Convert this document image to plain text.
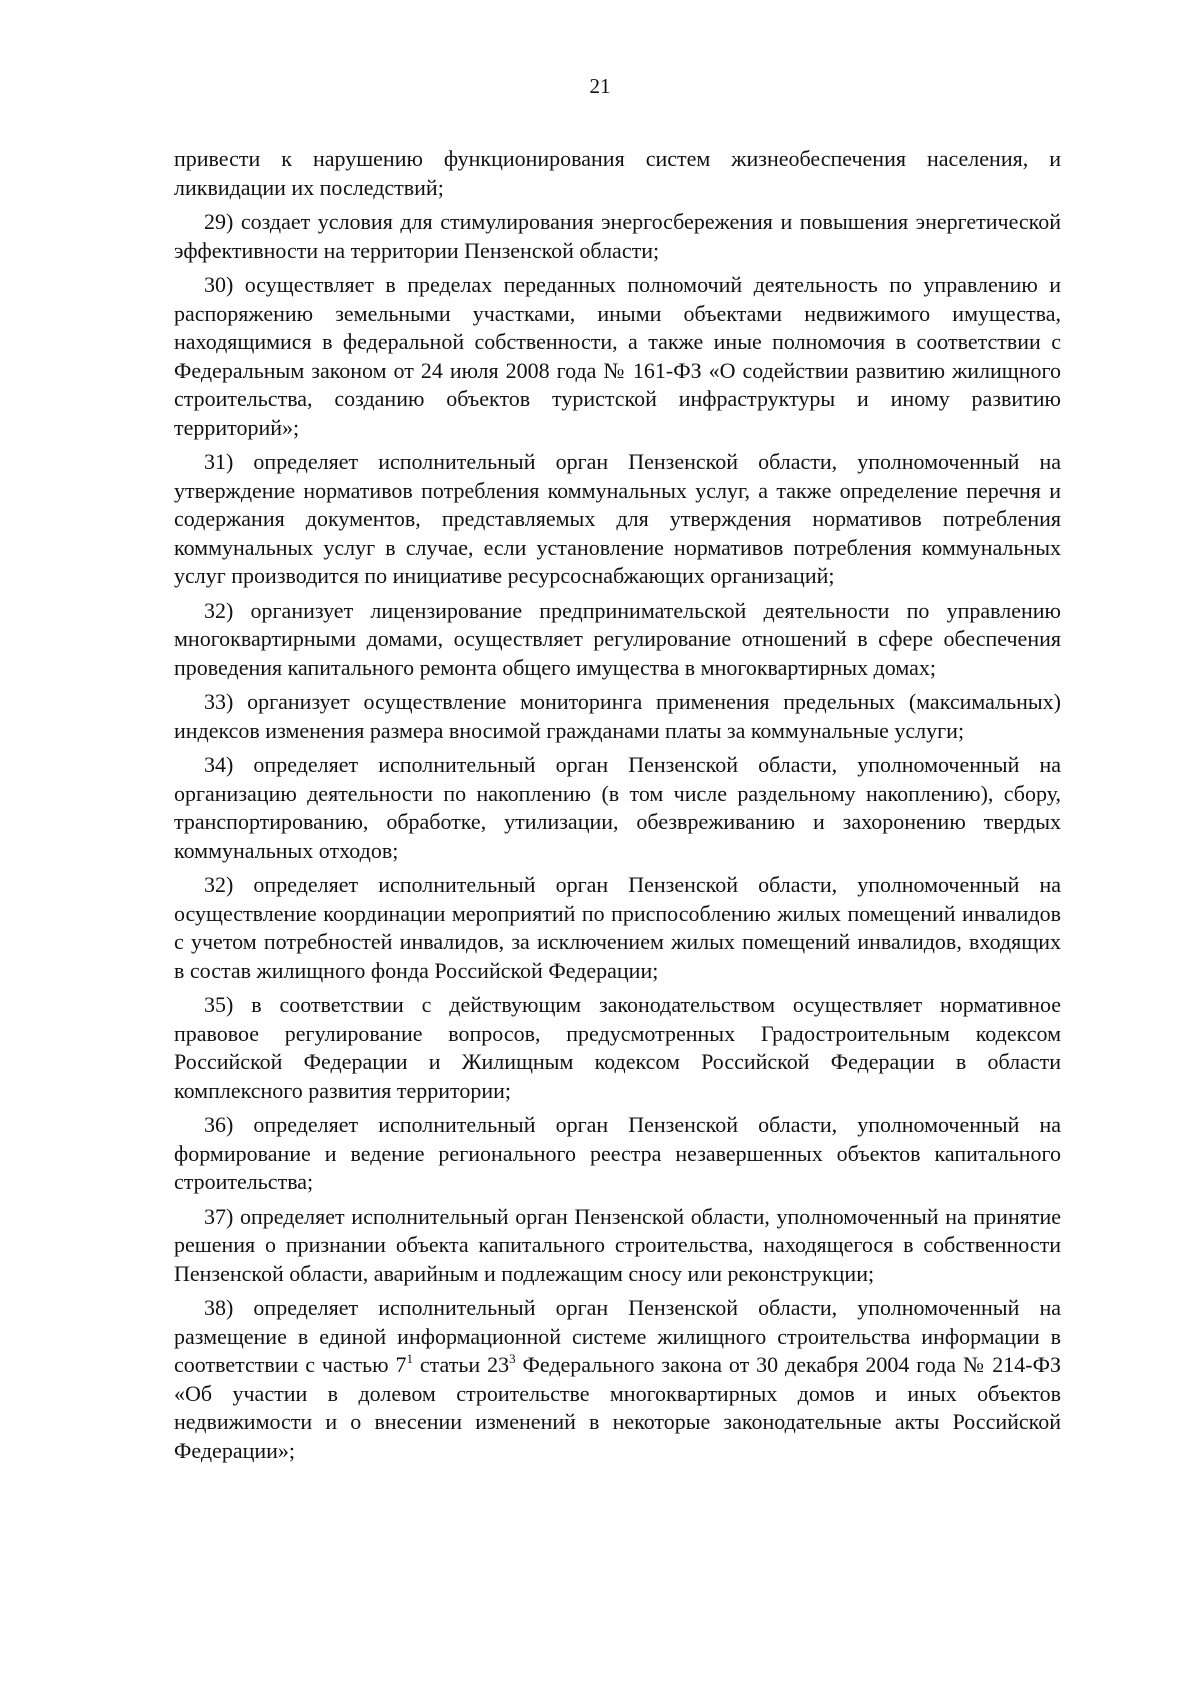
21

привести к нарушению функционирования систем жизнеобеспечения населения, и ликвидации их последствий;

29) создает условия для стимулирования энергосбережения и повышения энергетической эффективности на территории Пензенской области;

30) осуществляет в пределах переданных полномочий деятельность по управлению и распоряжению земельными участками, иными объектами недвижимого имущества, находящимися в федеральной собственности, а также иные полномочия в соответствии с Федеральным законом от 24 июля 2008 года № 161-ФЗ «О содействии развитию жилищного строительства, созданию объектов туристской инфраструктуры и иному развитию территорий»;

31) определяет исполнительный орган Пензенской области, уполномоченный на утверждение нормативов потребления коммунальных услуг, а также определение перечня и содержания документов, представляемых для утверждения нормативов потребления коммунальных услуг в случае, если установление нормативов потребления коммунальных услуг производится по инициативе ресурсоснабжающих организаций;

32) организует лицензирование предпринимательской деятельности по управлению многоквартирными домами, осуществляет регулирование отношений в сфере обеспечения проведения капитального ремонта общего имущества в многоквартирных домах;

33) организует осуществление мониторинга применения предельных (максимальных) индексов изменения размера вносимой гражданами платы за коммунальные услуги;

34) определяет исполнительный орган Пензенской области, уполномоченный на организацию деятельности по накоплению (в том числе раздельному накоплению), сбору, транспортированию, обработке, утилизации, обезвреживанию и захоронению твердых коммунальных отходов;

32) определяет исполнительный орган Пензенской области, уполномоченный на осуществление координации мероприятий по приспособлению жилых помещений инвалидов с учетом потребностей инвалидов, за исключением жилых помещений инвалидов, входящих в состав жилищного фонда Российской Федерации;

35) в соответствии с действующим законодательством осуществляет нормативное правовое регулирование вопросов, предусмотренных Градостроительным кодексом Российской Федерации и Жилищным кодексом Российской Федерации в области комплексного развития территории;

36) определяет исполнительный орган Пензенской области, уполномоченный на формирование и ведение регионального реестра незавершенных объектов капитального строительства;

37) определяет исполнительный орган Пензенской области, уполномоченный на принятие решения о признании объекта капитального строительства, находящегося в собственности Пензенской области, аварийным и подлежащим сносу или реконструкции;

38) определяет исполнительный орган Пензенской области, уполномоченный на размещение в единой информационной системе жилищного строительства информации в соответствии с частью $7^1$ статьи $23^3$ Федерального закона от 30 декабря 2004 года № 214-ФЗ «Об участии в долевом строительстве многоквартирных домов и иных объектов недвижимости и о внесении изменений в некоторые законодательные акты Российской Федерации»;
